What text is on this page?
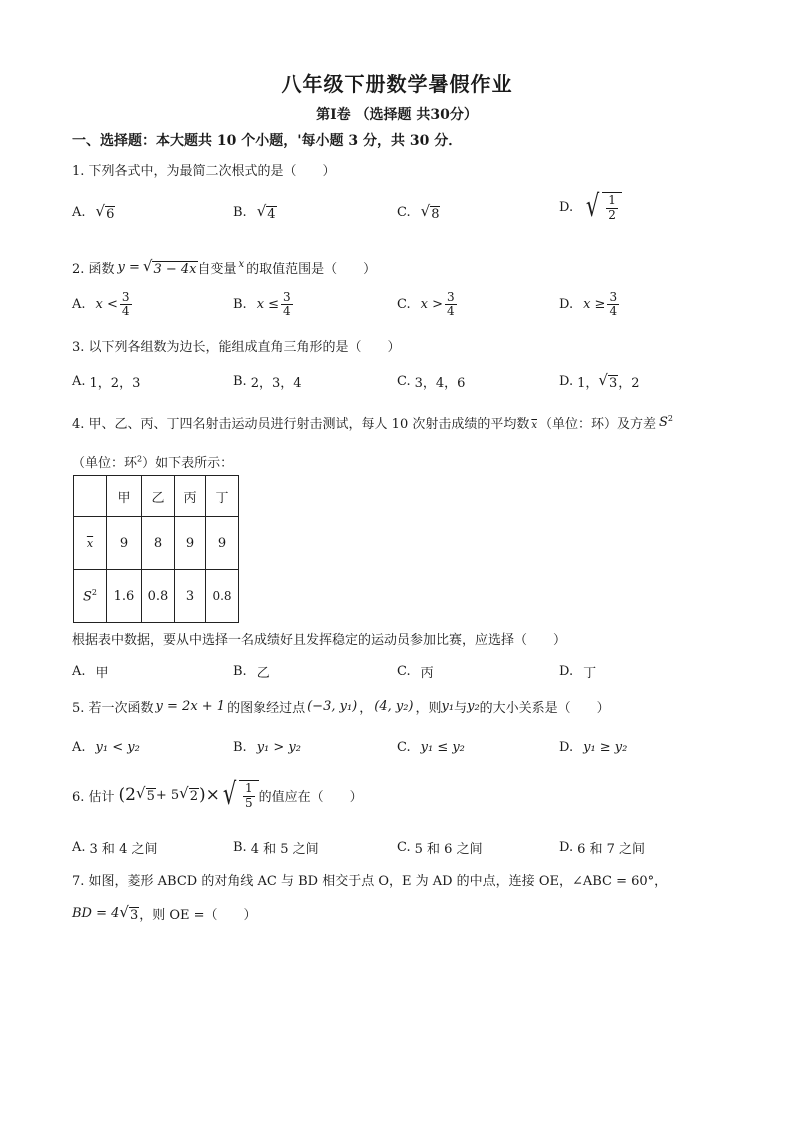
八年级下册数学暑假作业
第Ⅰ卷 （选择题 共30分）
一、选择题：本大题共 10 个小题，'每小题 3 分，共 30 分．
1. 下列各式中，为最简二次根式的是（　　）
A. √ 6	B. √ 4	C. √ 8	D. √ $\frac{1}{2}$
2. 函数 y = √ 3 − 4x 自变量 x 的取值范围是（　　）
A. $x < \frac{3}{4}$	B. $x \le \frac{3}{4}$	C. $x > \frac{3}{4}$	D. $x \ge \frac{3}{4}$
3. 以下列各组数为边长，能组成直角三角形的是（　　）
A. 1，2，3	B. 2，3，4	C. 3，4，6	D. 1， √ 3 ，2
4. 甲、乙、丙、丁四名射击运动员进行射击测试，每人 10 次射击成绩的平均数 $\overline{x}$ （单位：环）及方差 $S^2$
（单位：环$^2$）如下表所示：
	甲	乙	丙	丁
$\overline{x}$	9	8	9	9
$S^2$	1.6	0.8	3	0.8
根据表中数据，要从中选择一名成绩好且发挥稳定的运动员参加比赛，应选择（　　）
A. 甲	B. 乙	C. 丙	D. 丁
5. 若一次函数 y = 2x + 1 的图象经过点 (−3, y₁) ， (4, y₂) ，则 y₁ 与 y₂ 的大小关系是（　　）
A. y₁ < y₂	B. y₁ > y₂	C. y₁ ≤ y₂	D. y₁ ≥ y₂
6. 估计 (2 √ 5 + 5 √ 2 )× √ $\frac{1}{5}$ 的值应在（　　）
A. 3 和 4 之间	B. 4 和 5 之间	C. 5 和 6 之间	D. 6 和 7 之间
7. 如图，菱形 ABCD 的对角线 AC 与 BD 相交于点 O，E 为 AD 的中点，连接 OE，∠ABC = 60°，
BD = 4 √ 3 ，则 OE =（　　）
